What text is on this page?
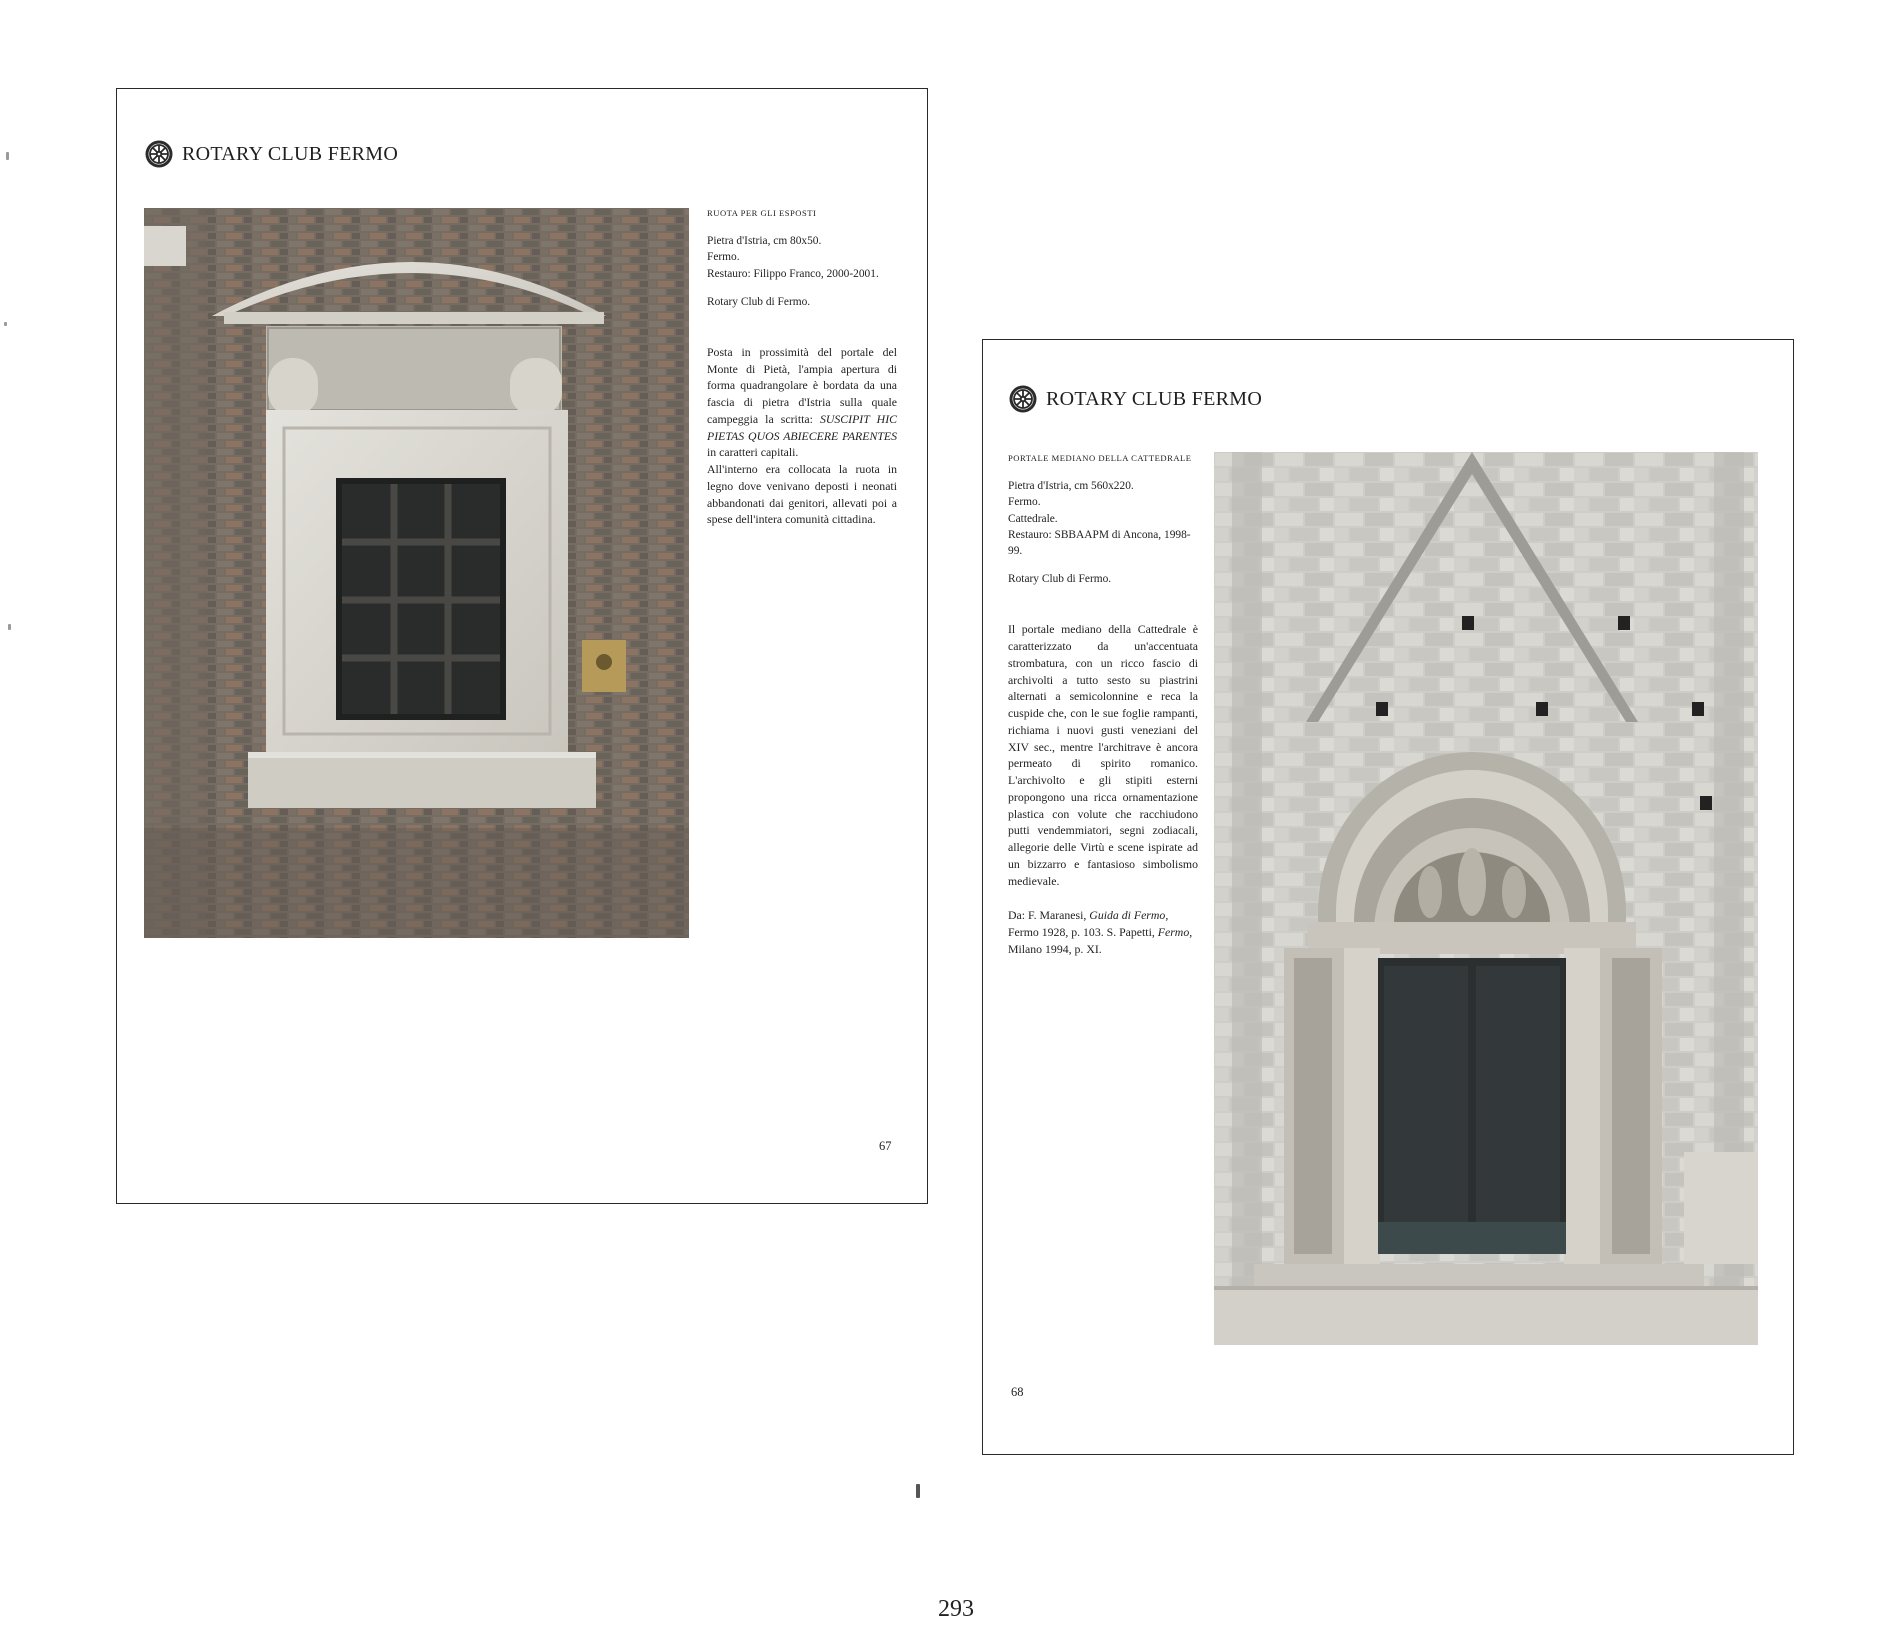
ROTARY CLUB FERMO
RUOTA PER GLI ESPOSTI
Pietra d'Istria, cm 80x50.
Fermo.
Restauro: Filippo Franco, 2000-2001.
Rotary Club di Fermo.

Posta in prossimità del portale del Monte di Pietà, l'ampia apertura di forma quadrangolare è bordata da una fascia di pietra d'Istria sulla quale campeggia la scritta: SUSCIPIT HIC PIETAS QUOS ABIECERE PARENTES in caratteri capitali.
All'interno era collocata la ruota in legno dove venivano deposti i neonati abbandonati dai genitori, allevati poi a spese dell'intera comunità cittadina.

67
ROTARY CLUB FERMO
PORTALE MEDIANO DELLA CATTEDRALE
Pietra d'Istria, cm 560x220.
Fermo.
Cattedrale.
Restauro: SBBAAPM di Ancona, 1998-99.
Rotary Club di Fermo.

Il portale mediano della Cattedrale è caratterizzato da un'accentuata strombatura, con un ricco fascio di archivolti a tutto sesto su piastrini alternati a semicolonnine e reca la cuspide che, con le sue foglie rampanti, richiama i nuovi gusti veneziani del XIV sec., mentre l'architrave è ancora permeato di spirito romanico. L'archivolto e gli stipiti esterni propongono una ricca ornamentazione plastica con volute che racchiudono putti vendemmiatori, segni zodiacali, allegorie delle Virtù e scene ispirate ad un bizzarro e fantasioso simbolismo medievale.

Da: F. Maranesi, Guida di Fermo, Fermo 1928, p. 103. S. Papetti, Fermo, Milano 1994, p. XI.

68
293
